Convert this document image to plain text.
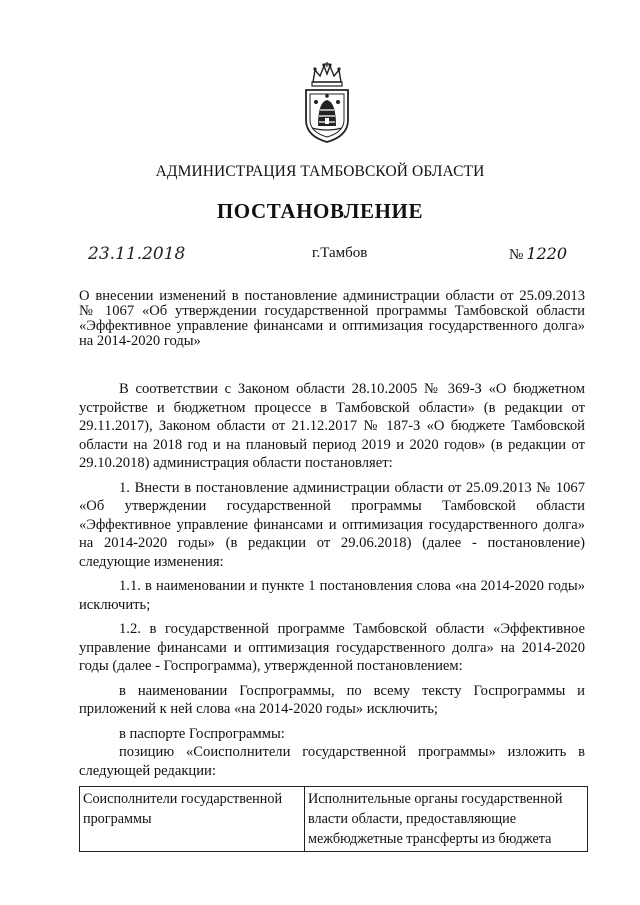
АДМИНИСТРАЦИЯ ТАМБОВСКОЙ ОБЛАСТИ
ПОСТАНОВЛЕНИЕ
23.11.2018	г.Тамбов	№ 1220
О внесении изменений в постановление администрации области от 25.09.2013 № 1067 «Об утверждении государственной программы Тамбовской области «Эффективное управление финансами и оптимизация государственного долга» на 2014-2020 годы»

В соответствии с Законом области 28.10.2005 № 369-З «О бюджетном устройстве и бюджетном процессе в Тамбовской области» (в редакции от 29.11.2017), Законом области от 21.12.2017 № 187-З «О бюджете Тамбовской области на 2018 год и на плановый период 2019 и 2020 годов» (в редакции от 29.10.2018) администрация области постановляет:

1. Внести в постановление администрации области от 25.09.2013 № 1067 «Об утверждении государственной программы Тамбовской области «Эффективное управление финансами и оптимизация государственного долга» на 2014-2020 годы» (в редакции от 29.06.2018) (далее - постановление) следующие изменения:

1.1. в наименовании и пункте 1 постановления слова «на 2014-2020 годы» исключить;

1.2. в государственной программе Тамбовской области «Эффективное управление финансами и оптимизация государственного долга» на 2014-2020 годы (далее - Госпрограмма), утвержденной постановлением:

в наименовании Госпрограммы, по всему тексту Госпрограммы и приложений к ней слова «на 2014-2020 годы» исключить;

в паспорте Госпрограммы:

позицию «Соисполнители государственной программы» изложить в следующей редакции:

Соисполнители государственной программы	Исполнительные органы государственной власти области, предоставляющие межбюджетные трансферты из бюджета
